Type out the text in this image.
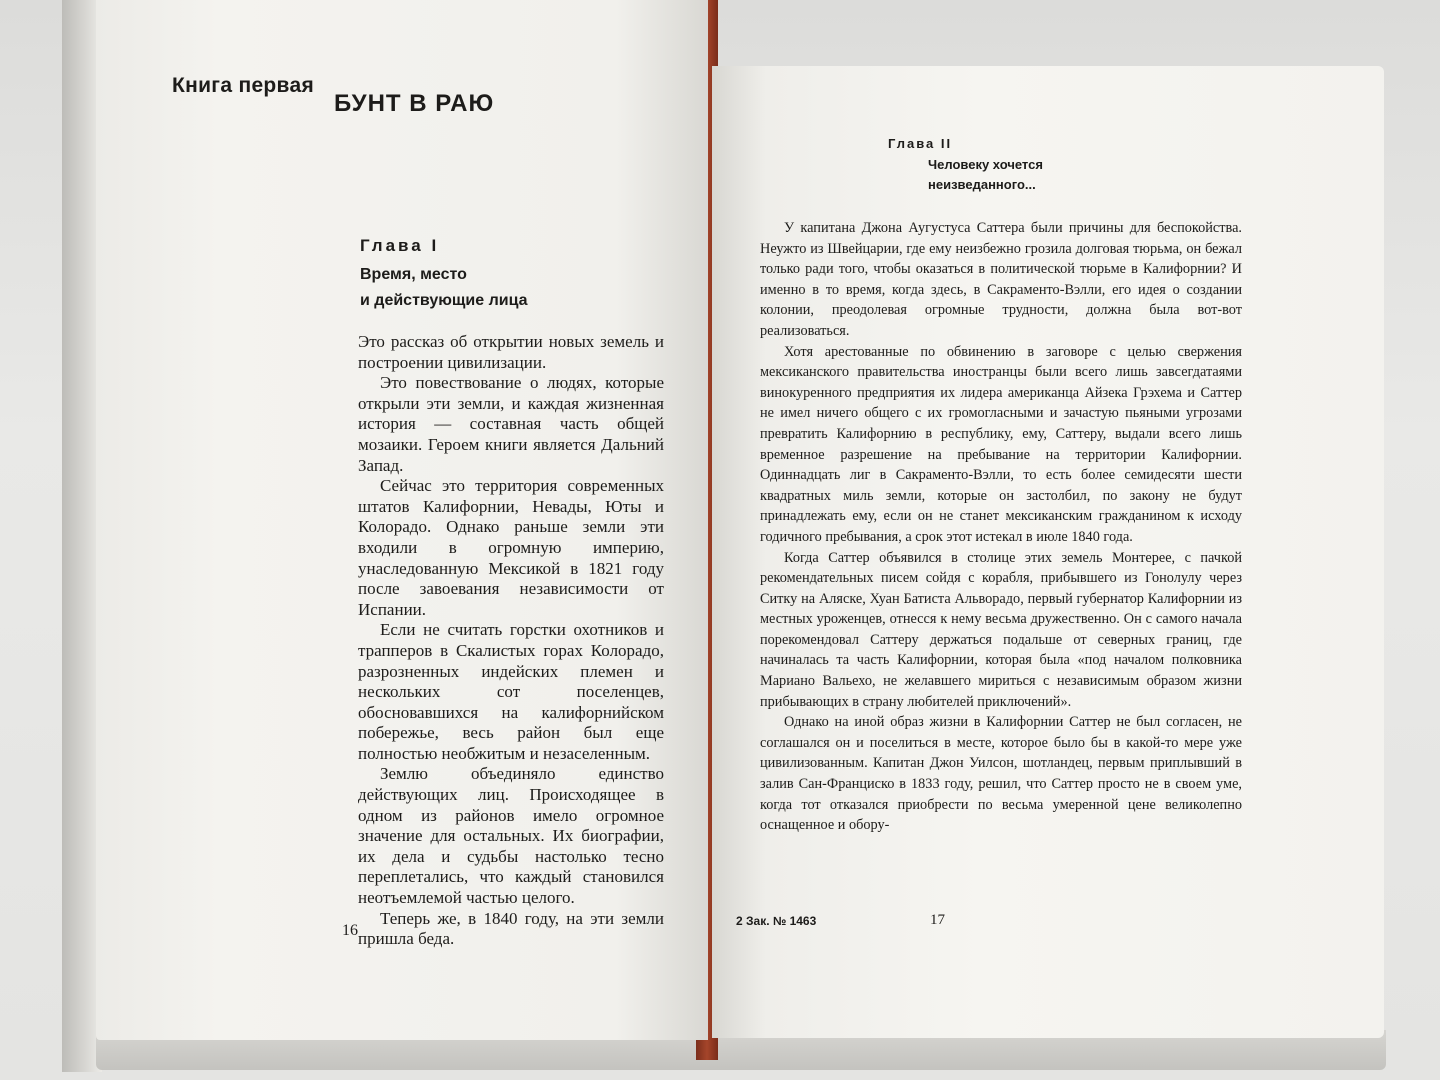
Книга первая
БУНТ В РАЮ
Глава I
Время, место
и действующие лица

Это рассказ об открытии новых земель и построении цивилизации.

Это повествование о людях, которые открыли эти земли, и каждая жизненная история — составная часть общей мозаики. Героем книги является Дальний Запад.

Сейчас это территория современных штатов Калифорнии, Невады, Юты и Колорадо. Однако раньше земли эти входили в огромную империю, унаследованную Мексикой в 1821 году после завоевания независимости от Испании.

Если не считать горстки охотников и трапперов в Скалистых горах Колорадо, разрозненных индейских племен и нескольких сот поселенцев, обосновавшихся на калифорнийском побережье, весь район был еще полностью необжитым и незаселенным.

Землю объединяло единство действующих лиц. Происходящее в одном из районов имело огромное значение для остальных. Их биографии, их дела и судьбы настолько тесно переплетались, что каждый становился неотъемлемой частью целого.

Теперь же, в 1840 году, на эти земли пришла беда.

16
Глава II
Человеку хочется
неизведанного...

У капитана Джона Аугустуса Саттера были причины для беспокойства. Неужто из Швейцарии, где ему неизбежно грозила долговая тюрьма, он бежал только ради того, чтобы оказаться в политической тюрьме в Калифорнии? И именно в то время, когда здесь, в Сакраменто-Вэлли, его идея о создании колонии, преодолевая огромные трудности, должна была вот-вот реализоваться.

Хотя арестованные по обвинению в заговоре с целью свержения мексиканского правительства иностранцы были всего лишь завсегдатаями винокуренного предприятия их лидера американца Айзека Грэхема и Саттер не имел ничего общего с их громогласными и зачастую пьяными угрозами превратить Калифорнию в республику, ему, Саттеру, выдали всего лишь временное разрешение на пребывание на территории Калифорнии. Одиннадцать лиг в Сакраменто-Вэлли, то есть более семидесяти шести квадратных миль земли, которые он застолбил, по закону не будут принадлежать ему, если он не станет мексиканским гражданином к исходу годичного пребывания, а срок этот истекал в июле 1840 года.

Когда Саттер объявился в столице этих земель Монтерее, с пачкой рекомендательных писем сойдя с корабля, прибывшего из Гонолулу через Ситку на Аляске, Хуан Батиста Альворадо, первый губернатор Калифорнии из местных уроженцев, отнесся к нему весьма дружественно. Он с самого начала порекомендовал Саттеру держаться подальше от северных границ, где начиналась та часть Калифорнии, которая была «под началом полковника Мариано Вальехо, не желавшего мириться с независимым образом жизни прибывающих в страну любителей приключений».

Однако на иной образ жизни в Калифорнии Саттер не был согласен, не соглашался он и поселиться в месте, которое было бы в какой-то мере уже цивилизованным. Капитан Джон Уилсон, шотландец, первым приплывший в залив Сан-Франциско в 1833 году, решил, что Саттер просто не в своем уме, когда тот отказался приобрести по весьма умеренной цене великолепно оснащенное и обору-

2 Зак. № 1463	17
